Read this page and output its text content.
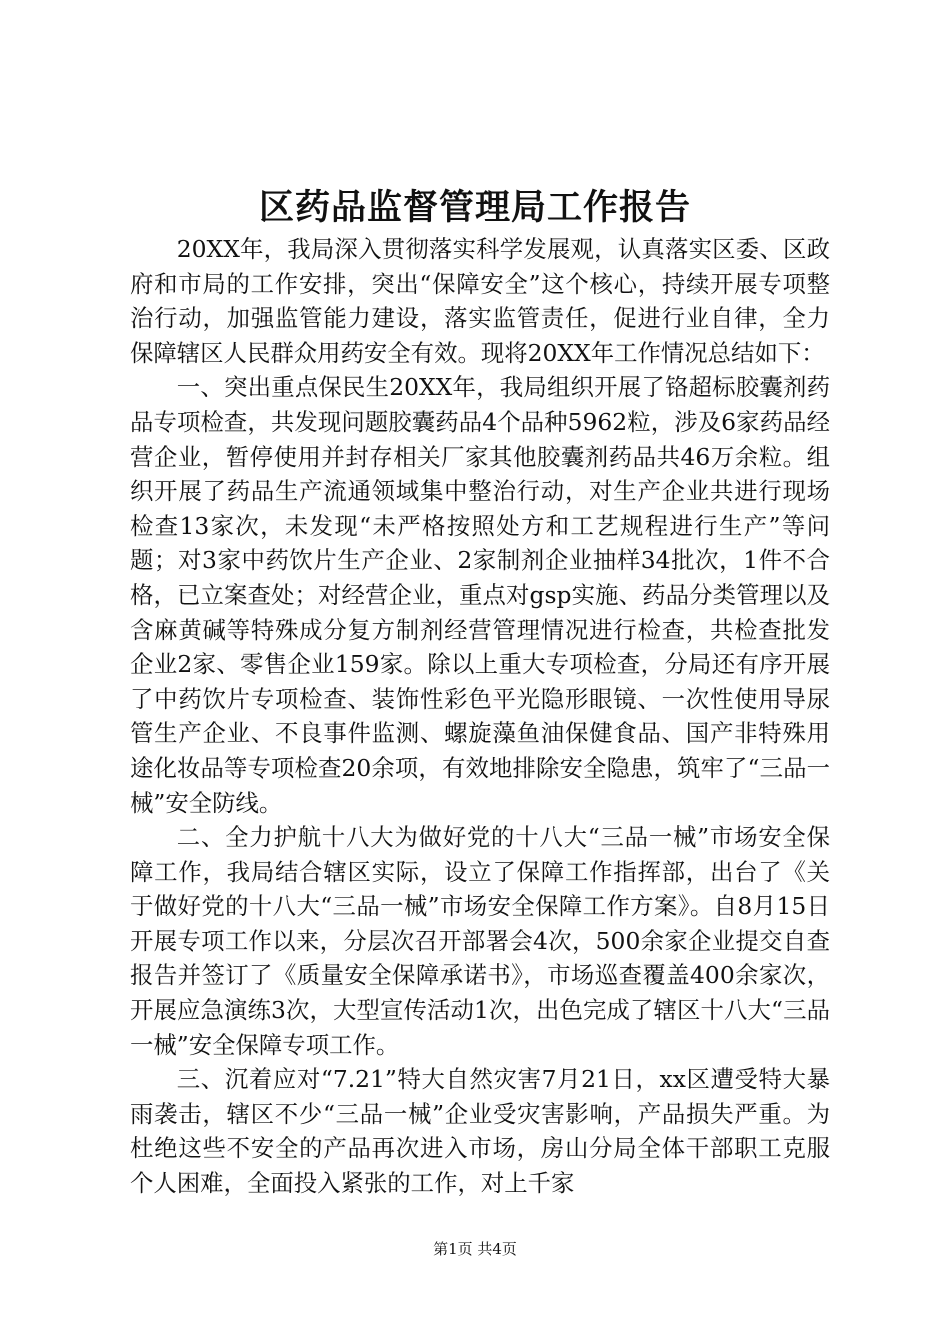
区药品监督管理局工作报告

20XX年，我局深入贯彻落实科学发展观，认真落实区委、区政府和市局的工作安排，突出“保障安全”这个核心，持续开展专项整治行动，加强监管能力建设，落实监管责任，促进行业自律，全力保障辖区人民群众用药安全有效。现将20XX年工作情况总结如下：

一、突出重点保民生20XX年，我局组织开展了铬超标胶囊剂药品专项检查，共发现问题胶囊药品4个品种5962粒，涉及6家药品经营企业，暂停使用并封存相关厂家其他胶囊剂药品共46万余粒。组织开展了药品生产流通领域集中整治行动，对生产企业共进行现场检查13家次，未发现“未严格按照处方和工艺规程进行生产”等问题；对3家中药饮片生产企业、2家制剂企业抽样34批次，1件不合格，已立案查处；对经营企业，重点对gsp实施、药品分类管理以及含麻黄碱等特殊成分复方制剂经营管理情况进行检查，共检查批发企业2家、零售企业159家。除以上重大专项检查，分局还有序开展了中药饮片专项检查、装饰性彩色平光隐形眼镜、一次性使用导尿管生产企业、不良事件监测、螺旋藻鱼油保健食品、国产非特殊用途化妆品等专项检查20余项，有效地排除安全隐患，筑牢了“三品一械”安全防线。

二、全力护航十八大为做好党的十八大“三品一械”市场安全保障工作，我局结合辖区实际，设立了保障工作指挥部，出台了《关于做好党的十八大“三品一械”市场安全保障工作方案》。自8月15日开展专项工作以来，分层次召开部署会4次，500余家企业提交自查报告并签订了《质量安全保障承诺书》，市场巡查覆盖400余家次，开展应急演练3次，大型宣传活动1次，出色完成了辖区十八大“三品一械”安全保障专项工作。

三、沉着应对“7.21”特大自然灾害7月21日，xx区遭受特大暴雨袭击，辖区不少“三品一械”企业受灾害影响，产品损失严重。为杜绝这些不安全的产品再次进入市场，房山分局全体干部职工克服个人困难，全面投入紧张的工作，对上千家

第1页 共4页
